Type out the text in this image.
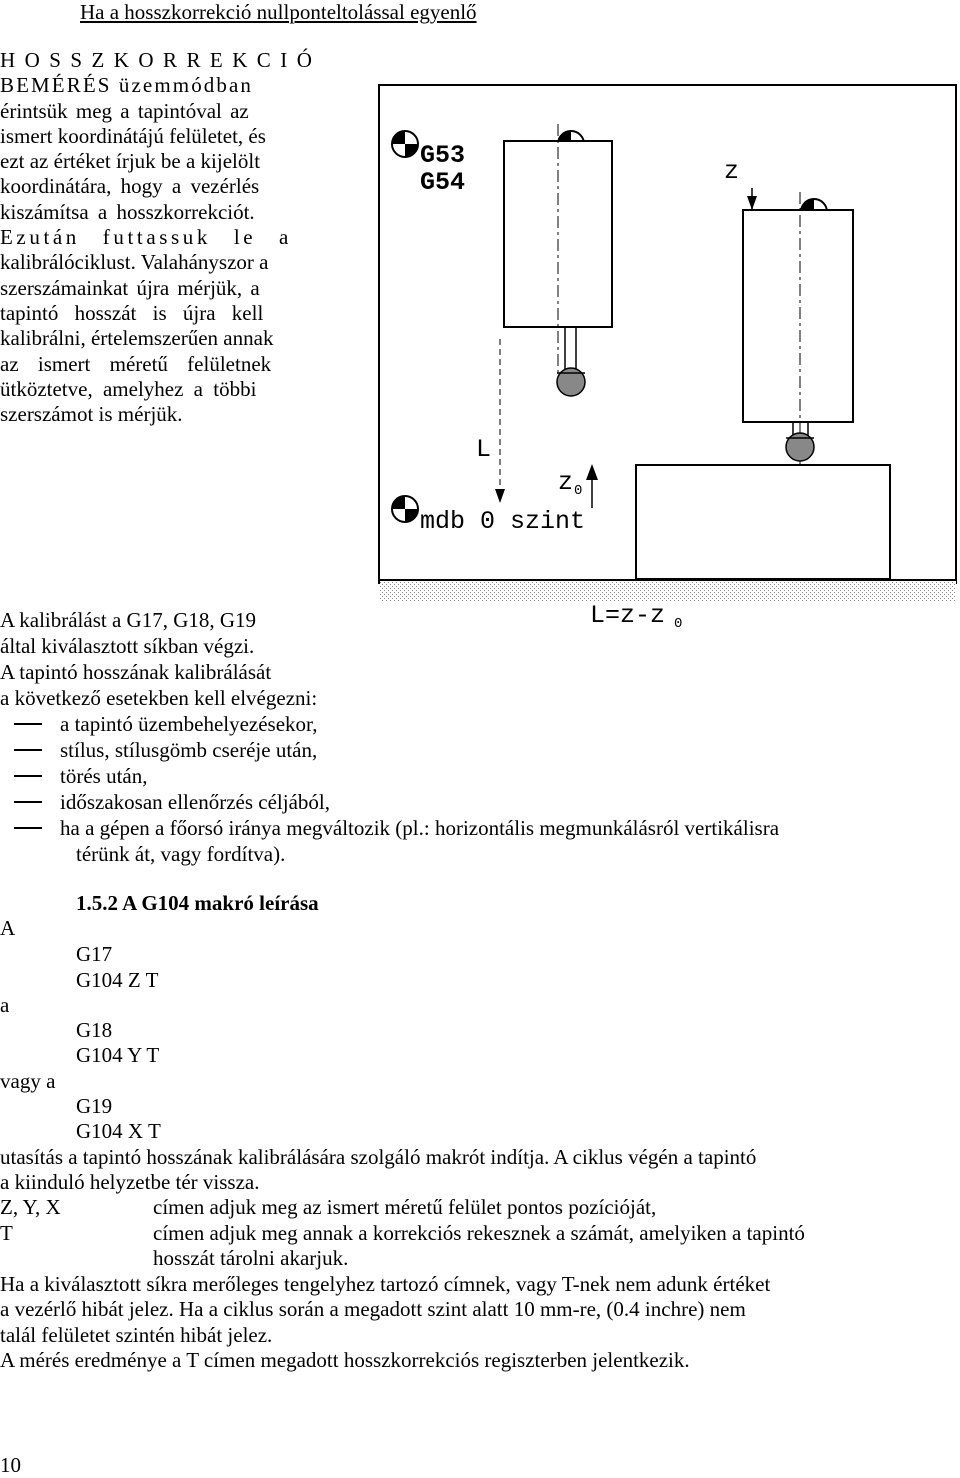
Ha a hosszkorrekció nullponteltolással egyenlő
H O S S Z K O R R E K C I Ó
BEMÉRÉS üzemmódban
érintsük meg a tapintóval az
ismert koordinátájú felületet, és
ezt az értéket írjuk be a kijelölt
koordinátára, hogy a vezérlés
kiszámítsa a hosszkorrekciót.
Ezután futtassuk le a
kalibrálóciklust. Valahányszor a
szerszámainkat újra mérjük, a
tapintó hosszát is újra kell
kalibrálni, értelemszerűen annak
az ismert méretű felületnek
ütköztetve, amelyhez a többi
szerszámot is mérjük.
G53
G54	z
L
z 0
mdb 0 szint
L=z-z 0
A kalibrálást a G17, G18, G19
által kiválasztott síkban végzi.
A tapintó hosszának kalibrálását
a következő esetekben kell elvégezni:
a tapintó üzembehelyezésekor,
stílus, stílusgömb cseréje után,
törés után,
időszakosan ellenőrzés céljából,
ha a gépen a főorsó iránya megváltozik (pl.: horizontális megmunkálásról vertikálisra
térünk át, vagy fordítva).
1.5.2 A G104 makró leírása
A
G17
G104 Z T
a
G18
G104 Y T
vagy a
G19
G104 X T
utasítás a tapintó hosszának kalibrálására szolgáló makrót indítja. A ciklus végén a tapintó
a kiinduló helyzetbe tér vissza.
Z, Y, X	címen adjuk meg az ismert méretű felület pontos pozícióját,
T	címen adjuk meg annak a korrekciós rekesznek a számát, amelyiken a tapintó
hosszát tárolni akarjuk.
Ha a kiválasztott síkra merőleges tengelyhez tartozó címnek, vagy T-nek nem adunk értéket
a vezérlő hibát jelez. Ha a ciklus során a megadott szint alatt 10 mm-re, (0.4 inchre) nem
talál felületet szintén hibát jelez.
A mérés eredménye a T címen megadott hosszkorrekciós regiszterben jelentkezik.
10
